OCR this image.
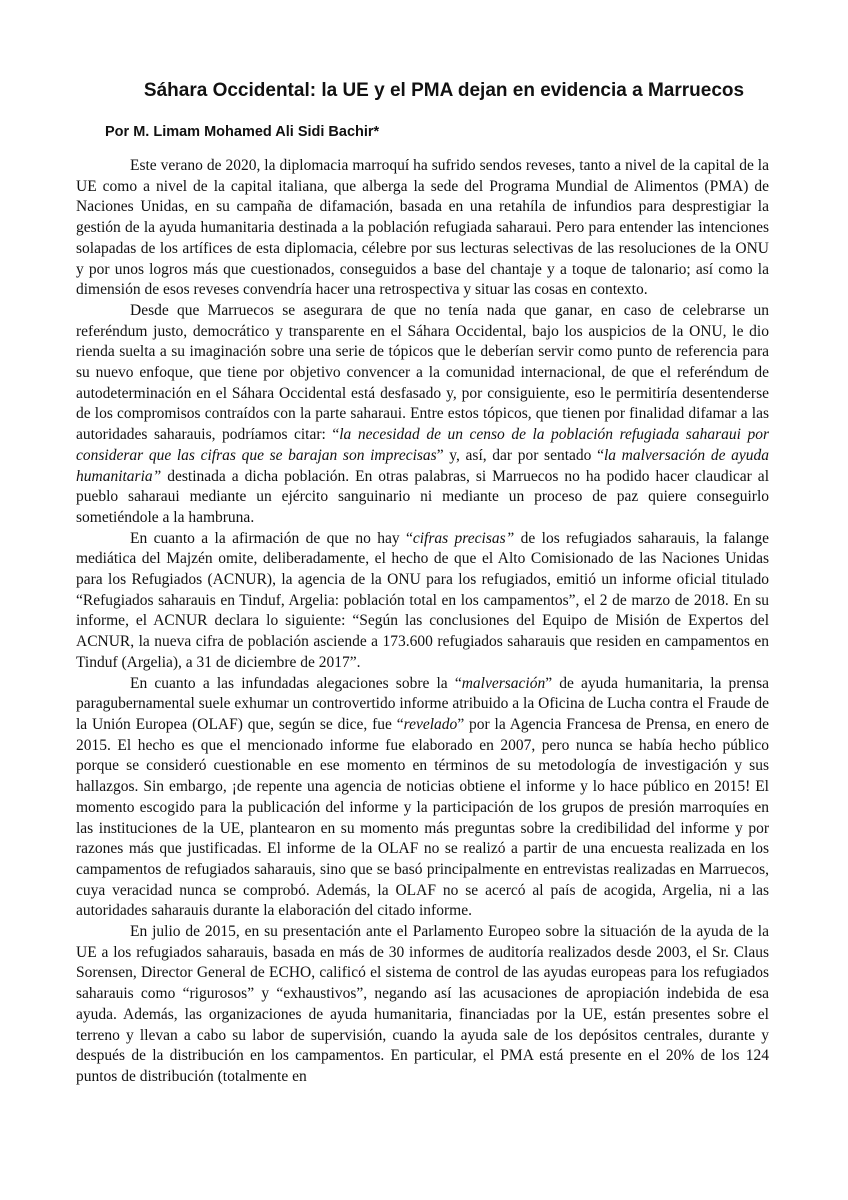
Sáhara Occidental: la UE y el PMA dejan en evidencia a Marruecos
Por M. Limam Mohamed Ali Sidi Bachir*

Este verano de 2020, la diplomacia marroquí ha sufrido sendos reveses, tanto a nivel de la capital de la UE como a nivel de la capital italiana, que alberga la sede del Programa Mundial de Alimentos (PMA) de Naciones Unidas, en su campaña de difamación, basada en una retahíla de infundios para desprestigiar la gestión de la ayuda humanitaria destinada a la población refugiada saharaui. Pero para entender las intenciones solapadas de los artífices de esta diplomacia, célebre por sus lecturas selectivas de las resoluciones de la ONU y por unos logros más que cuestionados, conseguidos a base del chantaje y a toque de talonario; así como la dimensión de esos reveses convendría hacer una retrospectiva y situar las cosas en contexto.

Desde que Marruecos se asegurara de que no tenía nada que ganar, en caso de celebrarse un referéndum justo, democrático y transparente en el Sáhara Occidental, bajo los auspicios de la ONU, le dio rienda suelta a su imaginación sobre una serie de tópicos que le deberían servir como punto de referencia para su nuevo enfoque, que tiene por objetivo convencer a la comunidad internacional, de que el referéndum de autodeterminación en el Sáhara Occidental está desfasado y, por consiguiente, eso le permitiría desentenderse de los compromisos contraídos con la parte saharaui. Entre estos tópicos, que tienen por finalidad difamar a las autoridades saharauis, podríamos citar: “la necesidad de un censo de la población refugiada saharaui por considerar que las cifras que se barajan son imprecisas” y, así, dar por sentado “la malversación de ayuda humanitaria” destinada a dicha población. En otras palabras, si Marruecos no ha podido hacer claudicar al pueblo saharaui mediante un ejército sanguinario ni mediante un proceso de paz quiere conseguirlo sometiéndole a la hambruna.

En cuanto a la afirmación de que no hay “cifras precisas” de los refugiados saharauis, la falange mediática del Majzén omite, deliberadamente, el hecho de que el Alto Comisionado de las Naciones Unidas para los Refugiados (ACNUR), la agencia de la ONU para los refugiados, emitió un informe oficial titulado “Refugiados saharauis en Tinduf, Argelia: población total en los campamentos”, el 2 de marzo de 2018. En su informe, el ACNUR declara lo siguiente: “Según las conclusiones del Equipo de Misión de Expertos del ACNUR, la nueva cifra de población asciende a 173.600 refugiados saharauis que residen en campamentos en Tinduf (Argelia), a 31 de diciembre de 2017”.

En cuanto a las infundadas alegaciones sobre la “malversación” de ayuda humanitaria, la prensa paragubernamental suele exhumar un controvertido informe atribuido a la Oficina de Lucha contra el Fraude de la Unión Europea (OLAF) que, según se dice, fue “revelado” por la Agencia Francesa de Prensa, en enero de 2015. El hecho es que el mencionado informe fue elaborado en 2007, pero nunca se había hecho público porque se consideró cuestionable en ese momento en términos de su metodología de investigación y sus hallazgos. Sin embargo, ¡de repente una agencia de noticias obtiene el informe y lo hace público en 2015! El momento escogido para la publicación del informe y la participación de los grupos de presión marroquíes en las instituciones de la UE, plantearon en su momento más preguntas sobre la credibilidad del informe y por razones más que justificadas. El informe de la OLAF no se realizó a partir de una encuesta realizada en los campamentos de refugiados saharauis, sino que se basó principalmente en entrevistas realizadas en Marruecos, cuya veracidad nunca se comprobó. Además, la OLAF no se acercó al país de acogida, Argelia, ni a las autoridades saharauis durante la elaboración del citado informe.

En julio de 2015, en su presentación ante el Parlamento Europeo sobre la situación de la ayuda de la UE a los refugiados saharauis, basada en más de 30 informes de auditoría realizados desde 2003, el Sr. Claus Sorensen, Director General de ECHO, calificó el sistema de control de las ayudas europeas para los refugiados saharauis como “rigurosos” y “exhaustivos”, negando así las acusaciones de apropiación indebida de esa ayuda. Además, las organizaciones de ayuda humanitaria, financiadas por la UE, están presentes sobre el terreno y llevan a cabo su labor de supervisión, cuando la ayuda sale de los depósitos centrales, durante y después de la distribución en los campamentos. En particular, el PMA está presente en el 20% de los 124 puntos de distribución (totalmente en
